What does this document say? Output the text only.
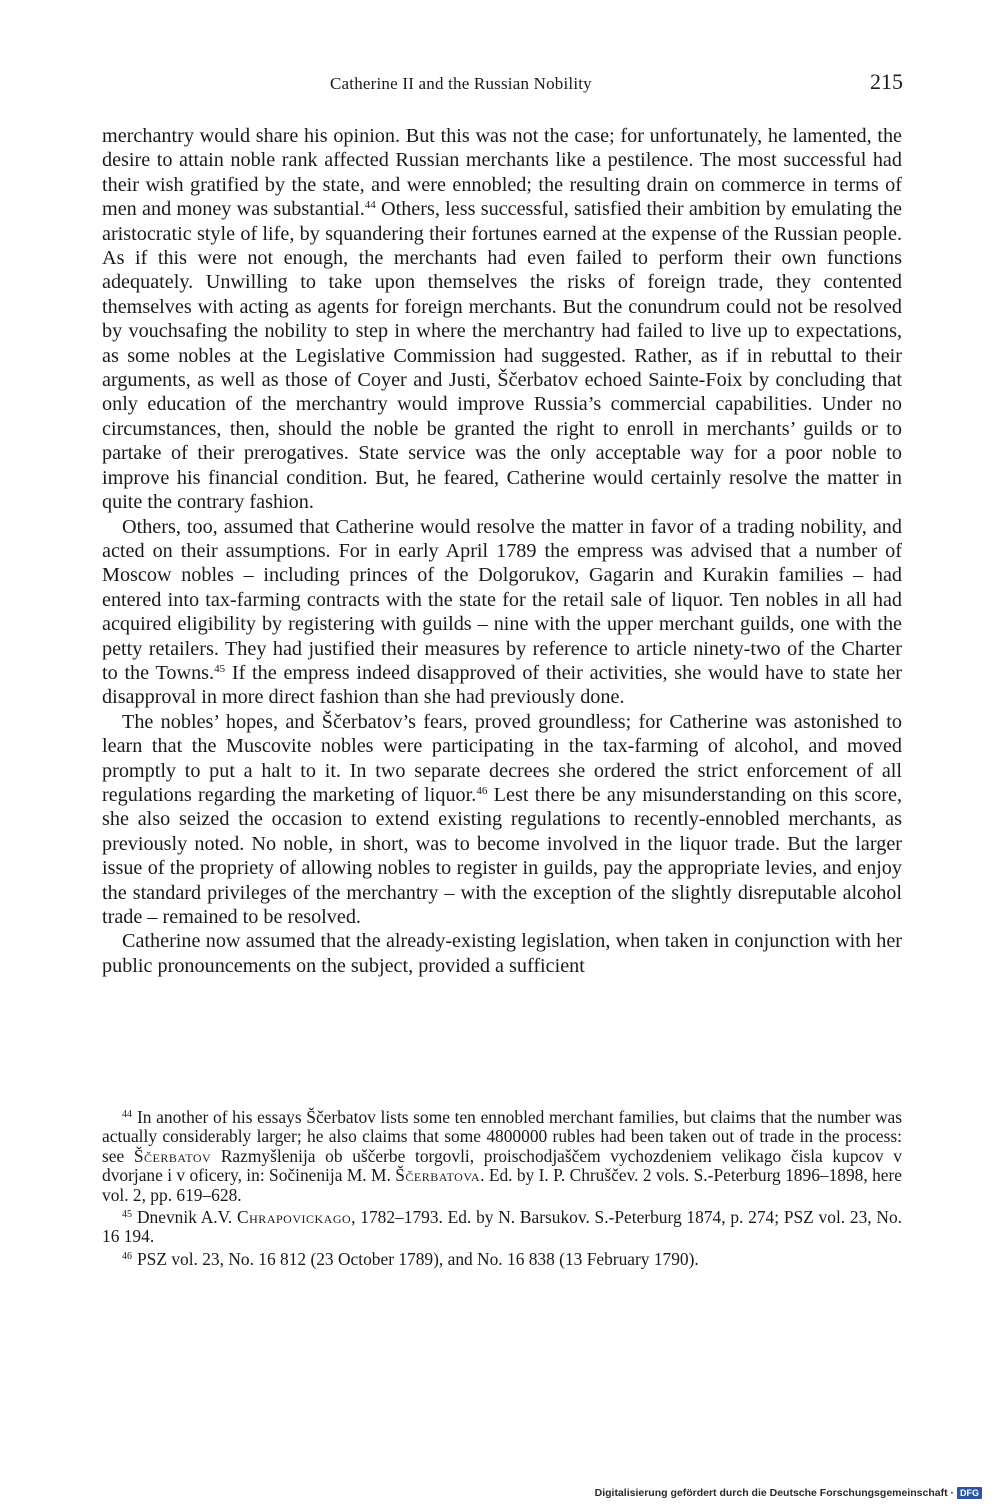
Catherine II and the Russian Nobility	215

merchantry would share his opinion. But this was not the case; for unfortunately, he lamented, the desire to attain noble rank affected Russian merchants like a pestilence. The most successful had their wish gratified by the state, and were ennobled; the resulting drain on commerce in terms of men and money was substantial.$^{44}$ Others, less successful, satisfied their ambition by emulating the aristocratic style of life, by squandering their fortunes earned at the expense of the Russian people. As if this were not enough, the merchants had even failed to perform their own functions adequately. Unwilling to take upon themselves the risks of foreign trade, they contented themselves with acting as agents for foreign merchants. But the conundrum could not be resolved by vouchsafing the nobility to step in where the merchantry had failed to live up to expectations, as some nobles at the Legislative Commission had suggested. Rather, as if in rebuttal to their arguments, as well as those of Coyer and Justi, Ščerbatov echoed Sainte-Foix by concluding that only education of the merchantry would improve Russia’s commercial capabilities. Under no circumstances, then, should the noble be granted the right to enroll in merchants’ guilds or to partake of their prerogatives. State service was the only acceptable way for a poor noble to improve his financial condition. But, he feared, Catherine would certainly resolve the matter in quite the contrary fashion.

Others, too, assumed that Catherine would resolve the matter in favor of a trading nobility, and acted on their assumptions. For in early April 1789 the empress was advised that a number of Moscow nobles – including princes of the Dolgorukov, Gagarin and Kurakin families – had entered into tax-farming contracts with the state for the retail sale of liquor. Ten nobles in all had acquired eligibility by registering with guilds – nine with the upper merchant guilds, one with the petty retailers. They had justified their measures by reference to article ninety-two of the Charter to the Towns.$^{45}$ If the empress indeed disapproved of their activities, she would have to state her disapproval in more direct fashion than she had previously done.

The nobles’ hopes, and Ščerbatov’s fears, proved groundless; for Catherine was astonished to learn that the Muscovite nobles were participating in the tax-farming of alcohol, and moved promptly to put a halt to it. In two separate decrees she ordered the strict enforcement of all regulations regarding the marketing of liquor.$^{46}$ Lest there be any misunderstanding on this score, she also seized the occasion to extend existing regulations to recently-ennobled merchants, as previously noted. No noble, in short, was to become involved in the liquor trade. But the larger issue of the propriety of allowing nobles to register in guilds, pay the appropriate levies, and enjoy the standard privileges of the merchantry – with the exception of the slightly disreputable alcohol trade – remained to be resolved.

Catherine now assumed that the already-existing legislation, when taken in conjunction with her public pronouncements on the subject, provided a sufficient

$^{44}$ In another of his essays Ščerbatov lists some ten ennobled merchant families, but claims that the number was actually considerably larger; he also claims that some 4800000 rubles had been taken out of trade in the process: see Ščerbatov Razmyšlenija ob uščerbe torgovli, proischodjaščem vychozdeniem velikago čisla kupcov v dvorjane i v oficery, in: Sočinenija M. M. Ščerbatova. Ed. by I. P. Chruščev. 2 vols. S.-Peterburg 1896–1898, here vol. 2, pp. 619–628.

$^{45}$ Dnevnik A.V. Chrapovickago, 1782–1793. Ed. by N. Barsukov. S.-Peterburg 1874, p. 274; PSZ vol. 23, No. 16 194.

$^{46}$ PSZ vol. 23, No. 16 812 (23 October 1789), and No. 16 838 (13 February 1790).

Digitalisierung gefördert durch die Deutsche Forschungsgemeinschaft · DFG
